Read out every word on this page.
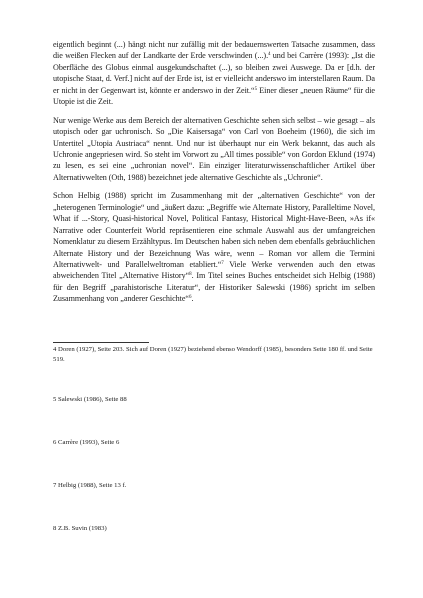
eigentlich beginnt (...) hängt nicht nur zufällig mit der bedauernswerten Tatsache zusammen, dass die weißen Flecken auf der Landkarte der Erde verschwinden (...).$^4$ und bei Carrère (1993): „Ist die Oberfläche des Globus einmal ausgekundschaftet (...), so bleiben zwei Auswege. Da er [d.h. der utopische Staat, d. Verf.] nicht auf der Erde ist, ist er vielleicht anderswo im interstellaren Raum. Da er nicht in der Gegenwart ist, könnte er anderswo in der Zeit.“$^5$ Einer dieser „neuen Räume“ für die Utopie ist die Zeit.

Nur wenige Werke aus dem Bereich der alternativen Geschichte sehen sich selbst – wie gesagt – als utopisch oder gar uchronisch. So „Die Kaisersaga“ von Carl von Boeheim (1960), die sich im Untertitel „Utopia Austriaca“ nennt. Und nur ist überhaupt nur ein Werk bekannt, das auch als Uchronie angepriesen wird. So steht im Vorwort zu „All times possible“ von Gordon Eklund (1974) zu lesen, es sei eine „uchronian novel“. Ein einziger literaturwissenschaftlicher Artikel über Alternativwelten (Oth, 1988) bezeichnet jede alternative Geschichte als „Uchronie“.

Schon Helbig (1988) spricht im Zusammenhang mit der „alternativen Geschichte“ von der „heterogenen Terminologie“ und „äußert dazu: „Begriffe wie Alternate History, Paralleltime Novel, What if ...-Story, Quasi-historical Novel, Political Fantasy, Historical Might-Have-Been, »As if« Narrative oder Counterfeit World repräsentieren eine schmale Auswahl aus der umfangreichen Nomenklatur zu diesem Erzähltypus. Im Deutschen haben sich neben dem ebenfalls gebräuchlichen Alternate History und der Bezeichnung Was wäre, wenn – Roman vor allem die Termini Alternativwelt- und Parallelweltroman etabliert.“$^7$ Viele Werke verwenden auch den etwas abweichenden Titel „Alternative History“$^8$. Im Titel seines Buches entscheidet sich Helbig (1988) für den Begriff „parahistorische Literatur“, der Historiker Salewski (1986) spricht im selben Zusammenhang von „anderer Geschichte“$^6$.

4 Doren (1927), Seite 203. Sich auf Doren (1927) beziehend ebenso Wendorff (1985), besonders Seite 180 ff. und Seite 519.

5 Salewski (1986), Seite 88

6 Carrère (1993), Seite 6

7 Helbig (1988), Seite 13 f.

8 Z.B. Suvin (1983)
